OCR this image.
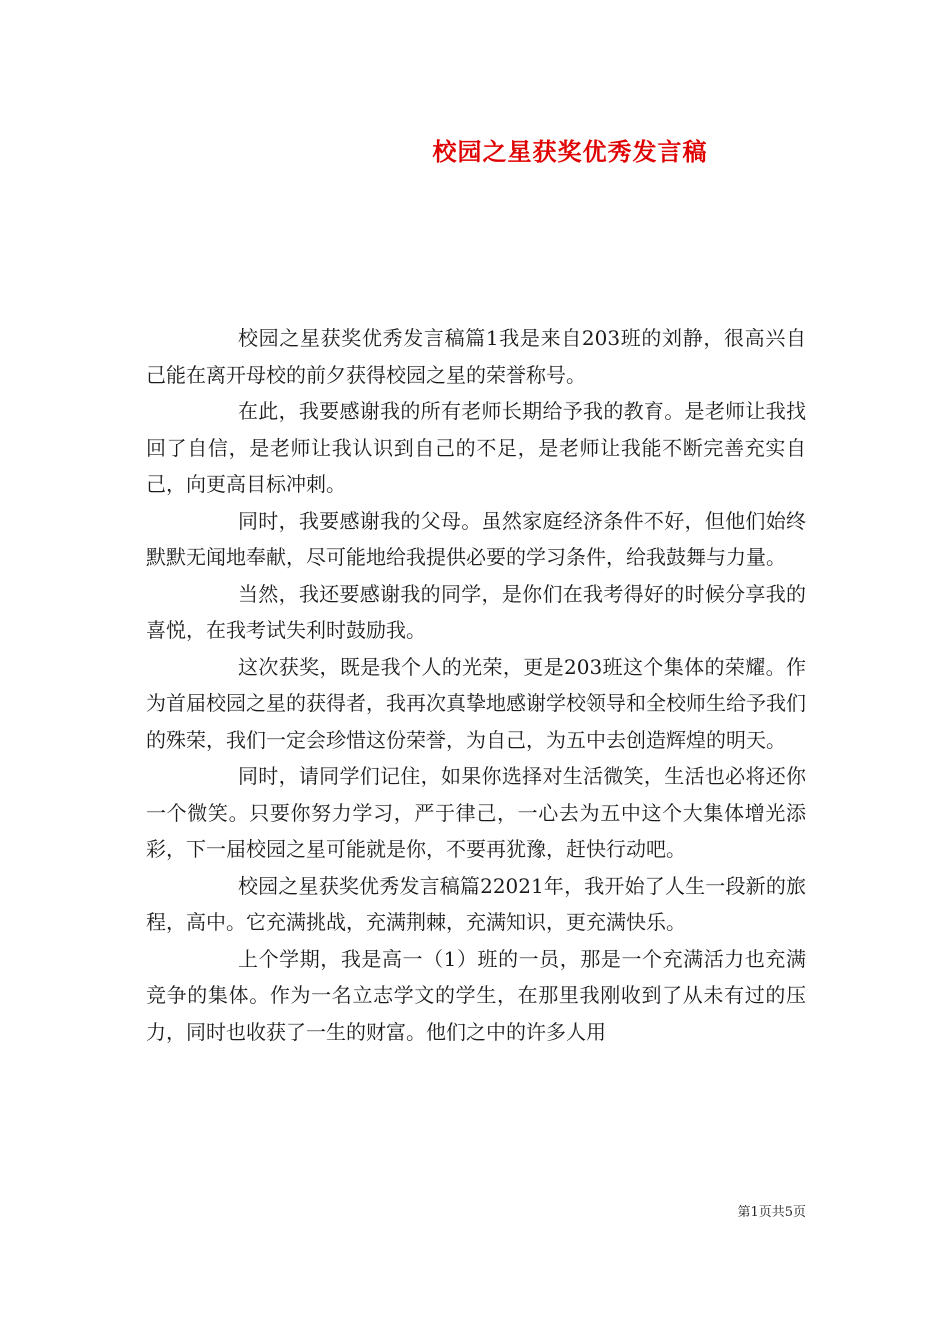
校园之星获奖优秀发言稿

校园之星获奖优秀发言稿篇1我是来自203班的刘静，很高兴自己能在离开母校的前夕获得校园之星的荣誉称号。

在此，我要感谢我的所有老师长期给予我的教育。是老师让我找回了自信，是老师让我认识到自己的不足，是老师让我能不断完善充实自己，向更高目标冲刺。

同时，我要感谢我的父母。虽然家庭经济条件不好，但他们始终默默无闻地奉献，尽可能地给我提供必要的学习条件，给我鼓舞与力量。

当然，我还要感谢我的同学，是你们在我考得好的时候分享我的喜悦，在我考试失利时鼓励我。

这次获奖，既是我个人的光荣，更是203班这个集体的荣耀。作为首届校园之星的获得者，我再次真挚地感谢学校领导和全校师生给予我们的殊荣，我们一定会珍惜这份荣誉，为自己，为五中去创造辉煌的明天。

同时，请同学们记住，如果你选择对生活微笑，生活也必将还你一个微笑。只要你努力学习，严于律己，一心去为五中这个大集体增光添彩，下一届校园之星可能就是你，不要再犹豫，赶快行动吧。

校园之星获奖优秀发言稿篇22021年，我开始了人生一段新的旅程，高中。它充满挑战，充满荆棘，充满知识，更充满快乐。

上个学期，我是高一（1）班的一员，那是一个充满活力也充满竞争的集体。作为一名立志学文的学生，在那里我刚收到了从未有过的压力，同时也收获了一生的财富。他们之中的许多人用

第1页共5页
